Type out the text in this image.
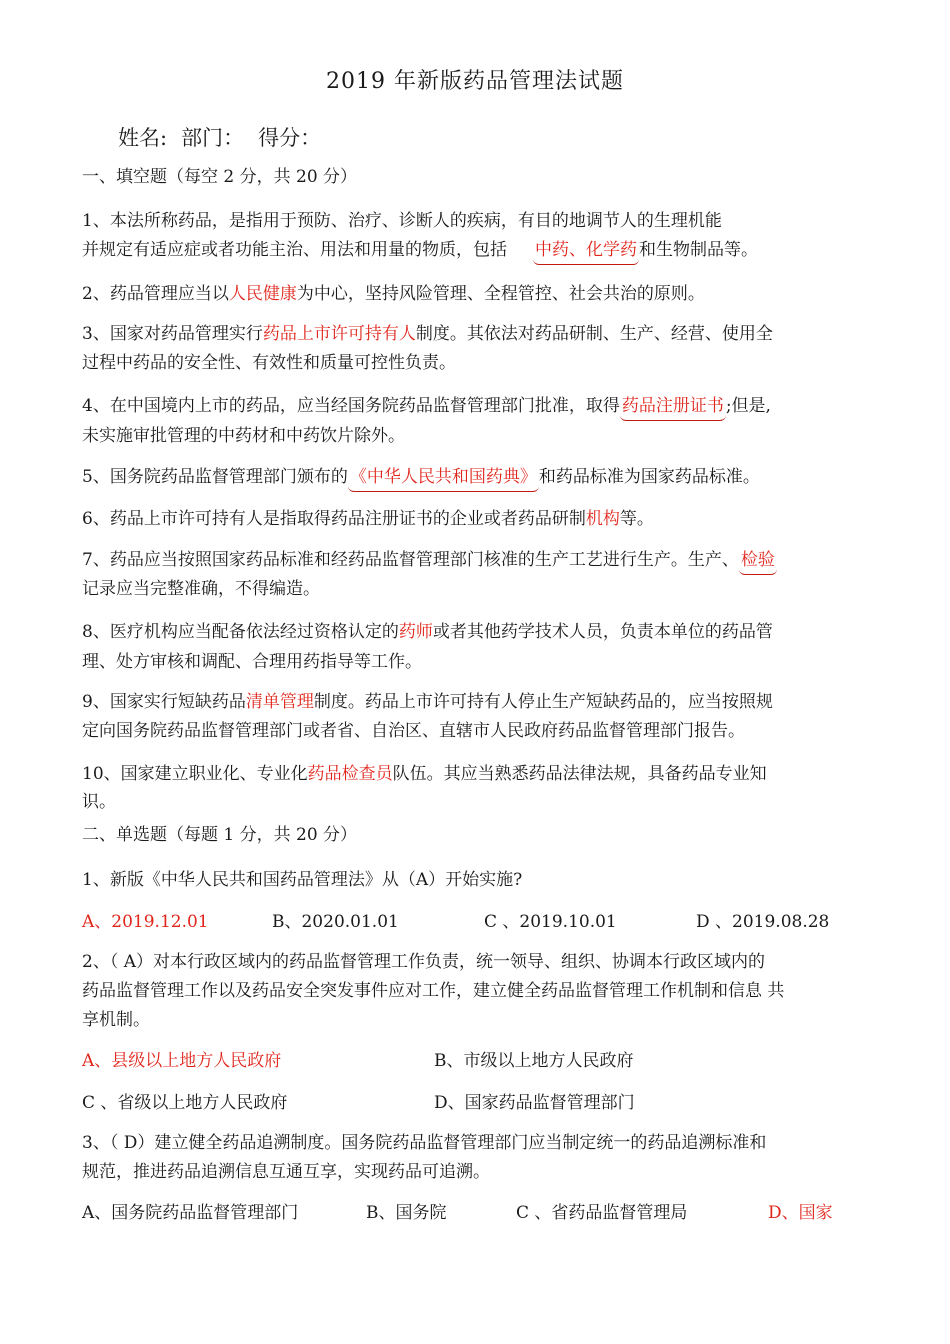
2019 年新版药品管理法试题
姓名: 部门： 得分：
一、填空题（每空 2 分，共 20 分）
1、本法所称药品，是指用于预防、治疗、诊断人的疾病，有目的地调节人的生理机能
并规定有适应症或者功能主治、用法和用量的物质，包括 中药、化学药 和生物制品等。
2、药品管理应当以人民健康为中心，坚持风险管理、全程管控、社会共治的原则。
3、国家对药品管理实行药品上市许可持有人制度。其依法对药品研制、生产、经营、使用全
过程中药品的安全性、有效性和质量可控性负责。
4、在中国境内上市的药品，应当经国务院药品监督管理部门批准，取得 药品注册证书 ;但是,
未实施审批管理的中药材和中药饮片除外。
5、国务院药品监督管理部门颁布的 《中华人民共和国药典》 和药品标准为国家药品标准。
6、药品上市许可持有人是指取得药品注册证书的企业或者药品研制机构等。
7、药品应当按照国家药品标准和经药品监督管理部门核准的生产工艺进行生产。生产、 检验
记录应当完整准确，不得编造。
8、医疗机构应当配备依法经过资格认定的药师或者其他药学技术人员，负责本单位的药品管
理、处方审核和调配、合理用药指导等工作。
9、国家实行短缺药品清单管理制度。药品上市许可持有人停止生产短缺药品的，应当按照规
定向国务院药品监督管理部门或者省、自治区、直辖市人民政府药品监督管理部门报告。
10、国家建立职业化、专业化药品检查员队伍。其应当熟悉药品法律法规，具备药品专业知
识。
二、单选题（每题 1 分，共 20 分）
1、新版《中华人民共和国药品管理法》从（A）开始实施?
A、2019.12.01	B、2020.01.01	C 、2019.10.01	D 、2019.08.28
2、（ A）对本行政区域内的药品监督管理工作负责，统一领导、组织、协调本行政区域内的
药品监督管理工作以及药品安全突发事件应对工作，建立健全药品监督管理工作机制和信息 共
享机制。
A、县级以上地方人民政府	B、市级以上地方人民政府
C 、省级以上地方人民政府	D、国家药品监督管理部门
3、（ D）建立健全药品追溯制度。国务院药品监督管理部门应当制定统一的药品追溯标准和
规范，推进药品追溯信息互通互享，实现药品可追溯。
A、国务院药品监督管理部门	B、国务院	C 、省药品监督管理局	D、国家
